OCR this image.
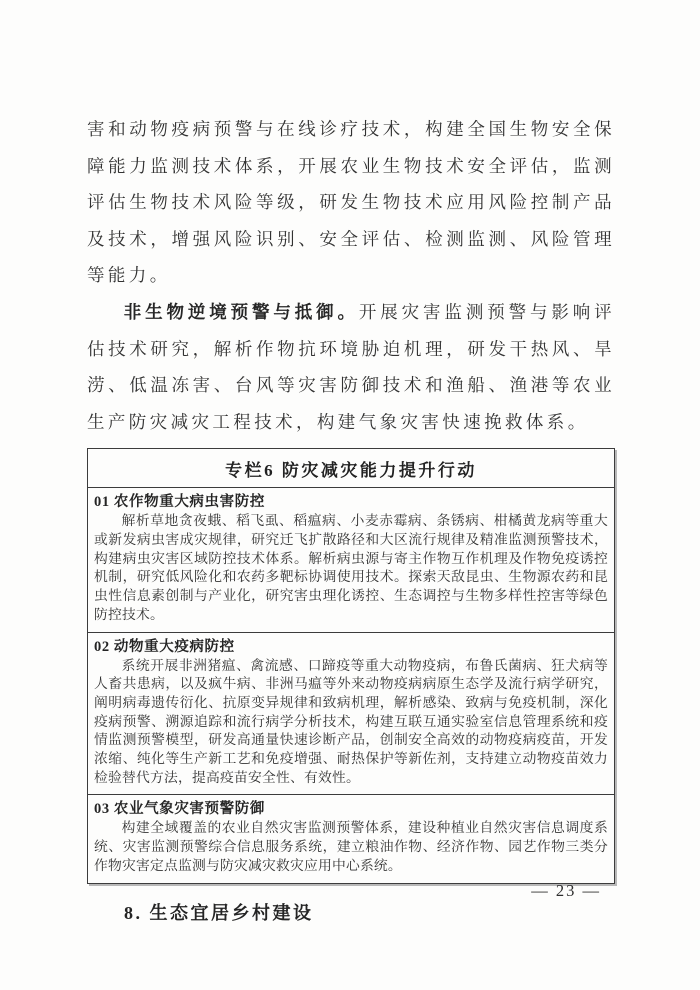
害和动物疫病预警与在线诊疗技术，构建全国生物安全保障能力监测技术体系，开展农业生物技术安全评估，监测评估生物技术风险等级，研发生物技术应用风险控制产品及技术，增强风险识别、安全评估、检测监测、风险管理等能力。

非生物逆境预警与抵御。开展灾害监测预警与影响评估技术研究，解析作物抗环境胁迫机理，研发干热风、旱涝、低温冻害、台风等灾害防御技术和渔船、渔港等农业生产防灾减灾工程技术，构建气象灾害快速挽救体系。

专栏6 防灾减灾能力提升行动

01 农作物重大病虫害防控

解析草地贪夜蛾、稻飞虱、稻瘟病、小麦赤霉病、条锈病、柑橘黄龙病等重大或新发病虫害成灾规律，研究迁飞扩散路径和大区流行规律及精准监测预警技术，构建病虫灾害区域防控技术体系。解析病虫源与寄主作物互作机理及作物免疫诱控机制，研究低风险化和农药多靶标协调使用技术。探索天敌昆虫、生物源农药和昆虫性信息素创制与产业化，研究害虫理化诱控、生态调控与生物多样性控害等绿色防控技术。

02 动物重大疫病防控

系统开展非洲猪瘟、禽流感、口蹄疫等重大动物疫病，布鲁氏菌病、狂犬病等人畜共患病，以及疯牛病、非洲马瘟等外来动物疫病病原生态学及流行病学研究，阐明病毒遗传衍化、抗原变异规律和致病机理，解析感染、致病与免疫机制，深化疫病预警、溯源追踪和流行病学分析技术，构建互联互通实验室信息管理系统和疫情监测预警模型，研发高通量快速诊断产品，创制安全高效的动物疫病疫苗，开发浓缩、纯化等生产新工艺和免疫增强、耐热保护等新佐剂，支持建立动物疫苗效力检验替代方法，提高疫苗安全性、有效性。

03 农业气象灾害预警防御

构建全域覆盖的农业自然灾害监测预警体系，建设种植业自然灾害信息调度系统、灾害监测预警综合信息服务系统，建立粮油作物、经济作物、园艺作物三类分作物灾害定点监测与防灾减灾救灾应用中心系统。

8. 生态宜居乡村建设
— 23 —
